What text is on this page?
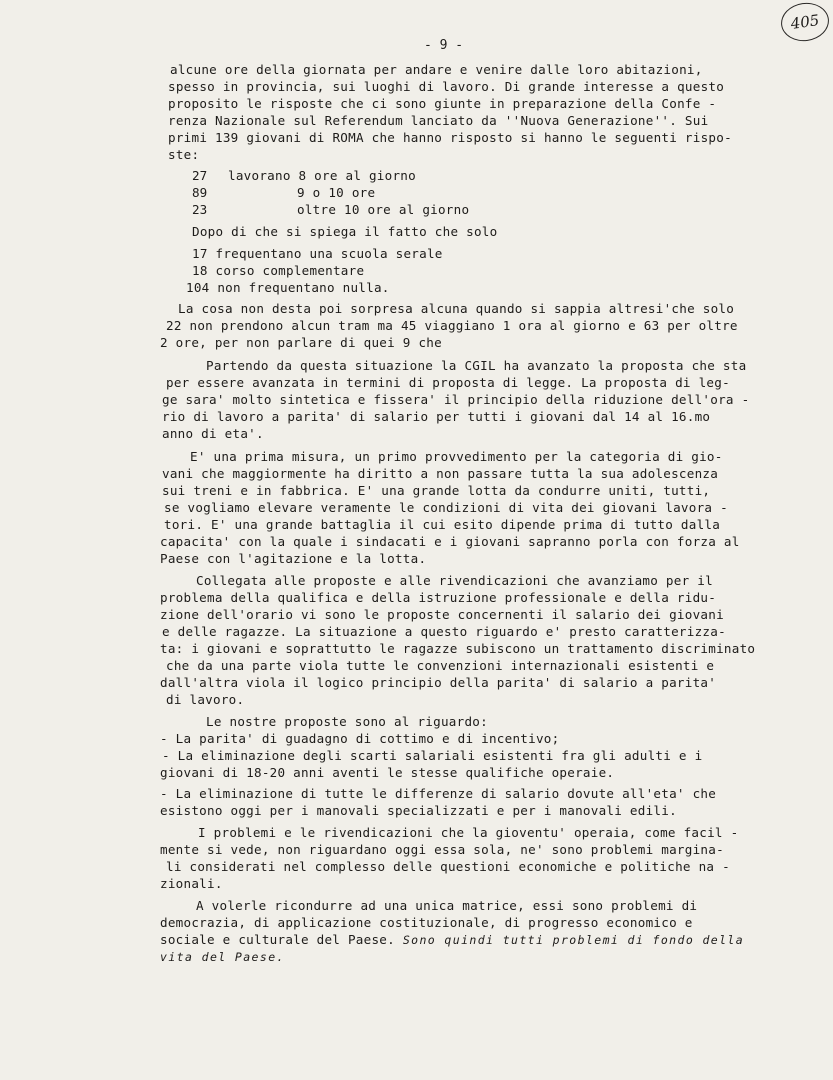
405
- 9 -
alcune ore della giornata per andare e venire dalle loro abitazioni,
spesso in provincia, sui luoghi di lavoro. Di grande interesse a questo
proposito le risposte che ci sono giunte in preparazione della Confe -
renza Nazionale sul Referendum lanciato da ''Nuova Generazione''. Sui
primi 139 giovani di ROMA che hanno risposto si hanno le seguenti rispo-
ste:
27 lavorano 8 ore al giorno
89	9 o 10 ore
23	oltre 10 ore al giorno
Dopo di che si spiega il fatto che solo
17 frequentano una scuola serale
18 corso complementare
104 non frequentano nulla.
La cosa non desta poi sorpresa alcuna quando si sappia altresi'che solo
22 non prendono alcun tram ma 45 viaggiano 1 ora al giorno e 63 per oltre
2 ore, per non parlare di quei 9 che
Partendo da questa situazione la CGIL ha avanzato la proposta che sta
per essere avanzata in termini di proposta di legge. La proposta di leg-
ge sara' molto sintetica e fissera' il principio della riduzione dell'ora -
rio di lavoro a parita' di salario per tutti i giovani dal 14 al 16.mo
anno di eta'.
E' una prima misura, un primo provvedimento per la categoria di gio-
vani che maggiormente ha diritto a non passare tutta la sua adolescenza
sui treni e in fabbrica. E' una grande lotta da condurre uniti, tutti,
se vogliamo elevare veramente le condizioni di vita dei giovani lavora -
tori. E' una grande battaglia il cui esito dipende prima di tutto dalla
capacita' con la quale i sindacati e i giovani sapranno porla con forza al
Paese con l'agitazione e la lotta.
Collegata alle proposte e alle rivendicazioni che avanziamo per il
problema della qualifica e della istruzione professionale e della ridu-
zione dell'orario vi sono le proposte concernenti il salario dei giovani
e delle ragazze. La situazione a questo riguardo e' presto caratterizza-
ta: i giovani e soprattutto le ragazze subiscono un trattamento discriminato
che da una parte viola tutte le convenzioni internazionali esistenti e
dall'altra viola il logico principio della parita' di salario a parita'
di lavoro.
Le nostre proposte sono al riguardo:
- La parita' di guadagno di cottimo e di incentivo;
- La eliminazione degli scarti salariali esistenti fra gli adulti e i
giovani di 18-20 anni aventi le stesse qualifiche operaie.
- La eliminazione di tutte le differenze di salario dovute all'eta' che
esistono oggi per i manovali specializzati e per i manovali edili.
I problemi e le rivendicazioni che la gioventu' operaia, come facil -
mente si vede, non riguardano oggi essa sola, ne' sono problemi margina-
li considerati nel complesso delle questioni economiche e politiche na -
zionali.
A volerle ricondurre ad una unica matrice, essi sono problemi di
democrazia, di applicazione costituzionale, di progresso economico e
sociale e culturale del Paese. Sono quindi tutti problemi di fondo della
vita del Paese.
